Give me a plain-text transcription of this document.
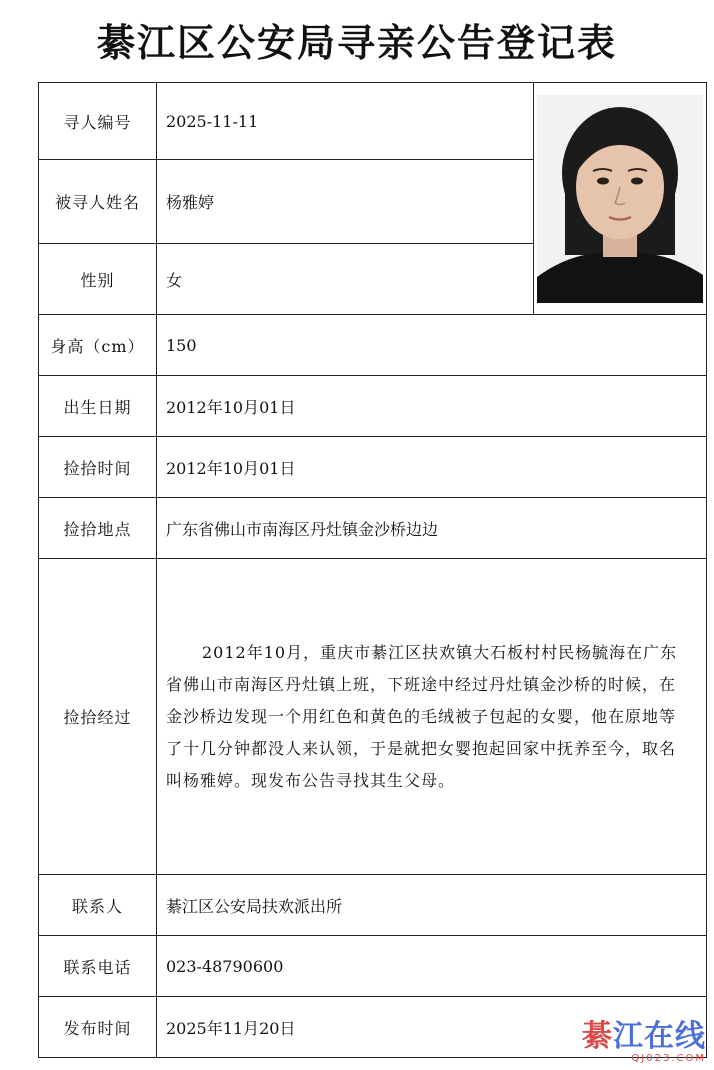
綦江区公安局寻亲公告登记表
寻人编号	2025-11-11	

被寻人姓名	杨雅婷	
性别	女	
身高（cm）	150	
出生日期	2012年10月01日	
捡拾时间	2012年10月01日	
捡拾地点	广东省佛山市南海区丹灶镇金沙桥边边	
捡拾经过	2012年10月，重庆市綦江区扶欢镇大石板村村民杨毓海在广东省佛山市南海区丹灶镇上班，下班途中经过丹灶镇金沙桥的时候，在金沙桥边发现一个用红色和黄色的毛绒被子包起的女婴，他在原地等了十几分钟都没人来认领，于是就把女婴抱起回家中抚养至今，取名叫杨雅婷。现发布公告寻找其生父母。	
联系人	綦江区公安局扶欢派出所	
联系电话	023-48790600	
发布时间	2025年11月20日		綦江在线
QJ023.COM
